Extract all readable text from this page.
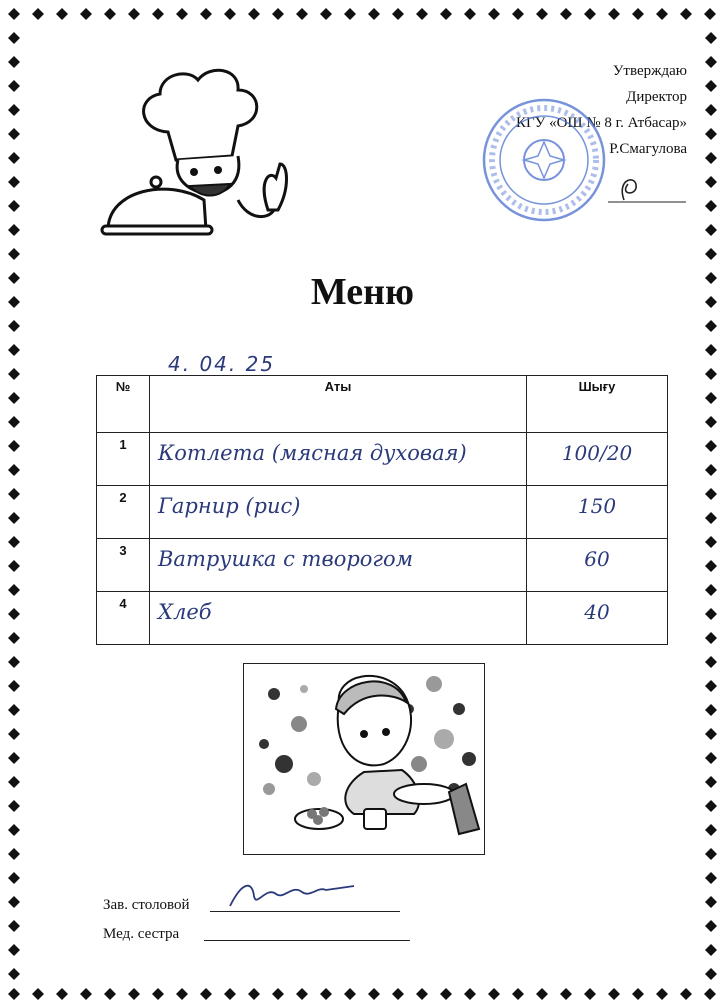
Утверждаю
Директор
КГУ «ОШ № 8 г. Атбасар»
Р.Смагулова
Меню
4. 04. 25
№	Аты	Шығу
1	Котлета (мясная духовая)	100/20
2	Гарнир (рис)	150
3	Ватрушка с творогом	60
4	Хлеб	40
Зав. столовой
Мед. сестра
